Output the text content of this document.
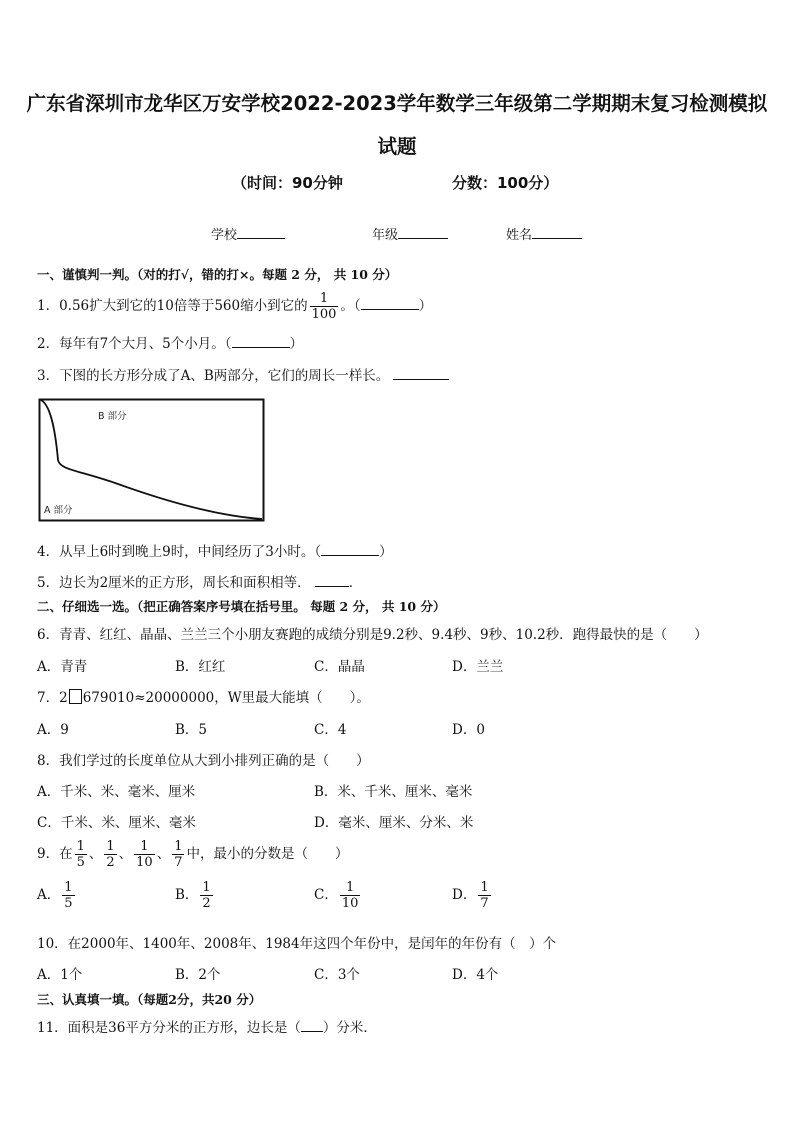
广东省深圳市龙华区万安学校2022-2023学年数学三年级第二学期期末复习检测模拟
试题
（时间：90分钟	分数：100分）
学校	年级	姓名
一、谨慎判一判。（对的打√，错的打×。每题 2 分， 共 10 分）
1．0.56扩大到它的10倍等于560缩小到它的 $\frac{1}{100}$ 。（	）
2．每年有7个大月、5个小月。（	）
3．下图的长方形分成了A、B两部分，它们的周长一样长。
B 部分
A 部分
4．从早上6时到晚上9时，中间经历了3小时。（	）
5．边长为2厘米的正方形，周长和面积相等．	．
二、仔细选一选。（把正确答案序号填在括号里。 每题 2 分， 共 10 分）
6．青青、红红、晶晶、兰兰三个小朋友赛跑的成绩分别是9.2秒、9.4秒、9秒、10.2秒．跑得最快的是（　　）
A．青青	B．红红	C．晶晶	D．兰兰
7．2 679010≈20000000，W里最大能填（　　）。
A．9	B．5	C．4	D．0
8．我们学过的长度单位从大到小排列正确的是（　　）
A．千米、米、毫米、厘米	B．米、千米、厘米、毫米
C．千米、米、厘米、毫米	D．毫米、厘米、分米、米
9．在 $\frac{1}{5}$ 、 $\frac{1}{2}$ 、 $\frac{1}{10}$ 、 $\frac{1}{7}$ 中，最小的分数是（　　）
A． $\frac{1}{5}$	B． $\frac{1}{2}$	C． $\frac{1}{10}$	D． $\frac{1}{7}$
10．在2000年、1400年、2008年、1984年这四个年份中，是闰年的年份有（　）个
A．1个	B．2个	C．3个	D．4个
三、认真填一填。（每题2分，共20 分）
11．面积是36平方分米的正方形，边长是（ ）分米．
